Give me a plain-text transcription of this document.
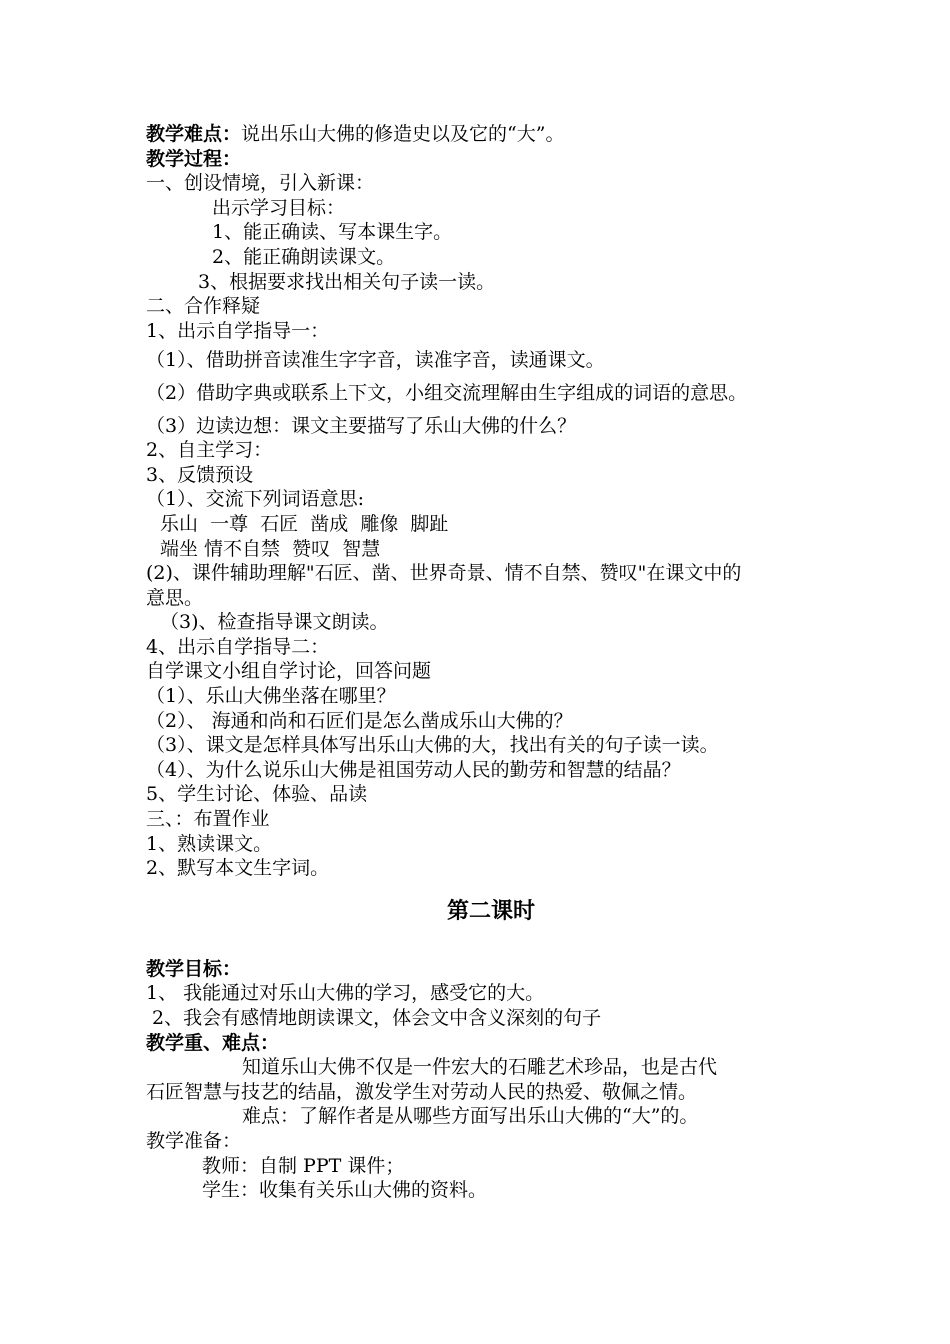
教学难点：说出乐山大佛的修造史以及它的“大”。

教学过程：

一、创设情境，引入新课：

出示学习目标：

1、能正确读、写本课生字。

2、能正确朗读课文。

3、根据要求找出相关句子读一读。

二、合作释疑

1、出示自学指导一：

（1）、借助拼音读准生字字音，读准字音，读通课文。

（2）借助字典或联系上下文，小组交流理解由生字组成的词语的意思。

（3）边读边想：课文主要描写了乐山大佛的什么？

2、自主学习：

3、反馈预设

（1）、交流下列词语意思:

乐山  一尊  石匠  凿成  雕像  脚趾

端坐 情不自禁  赞叹  智慧

(2)、课件辅助理解"石匠、凿、世界奇景、情不自禁、赞叹"在课文中的

意思。

（3)、检查指导课文朗读。

4、出示自学指导二：

自学课文小组自学讨论，回答问题

（1）、乐山大佛坐落在哪里？

（2）、 海通和尚和石匠们是怎么凿成乐山大佛的？

（3）、课文是怎样具体写出乐山大佛的大，找出有关的句子读一读。

（4）、为什么说乐山大佛是祖国劳动人民的勤劳和智慧的结晶？

5、学生讨论、体验、品读

三、：布置作业

1、熟读课文。

2、默写本文生字词。

第二课时

教学目标：

1、 我能通过对乐山大佛的学习，感受它的大。

2、我会有感情地朗读课文，体会文中含义深刻的句子

教学重、难点：

知道乐山大佛不仅是一件宏大的石雕艺术珍品，也是古代

石匠智慧与技艺的结晶，激发学生对劳动人民的热爱、敬佩之情。

难点：了解作者是从哪些方面写出乐山大佛的“大”的。

教学准备：

教师：自制 PPT 课件；

学生：收集有关乐山大佛的资料。
